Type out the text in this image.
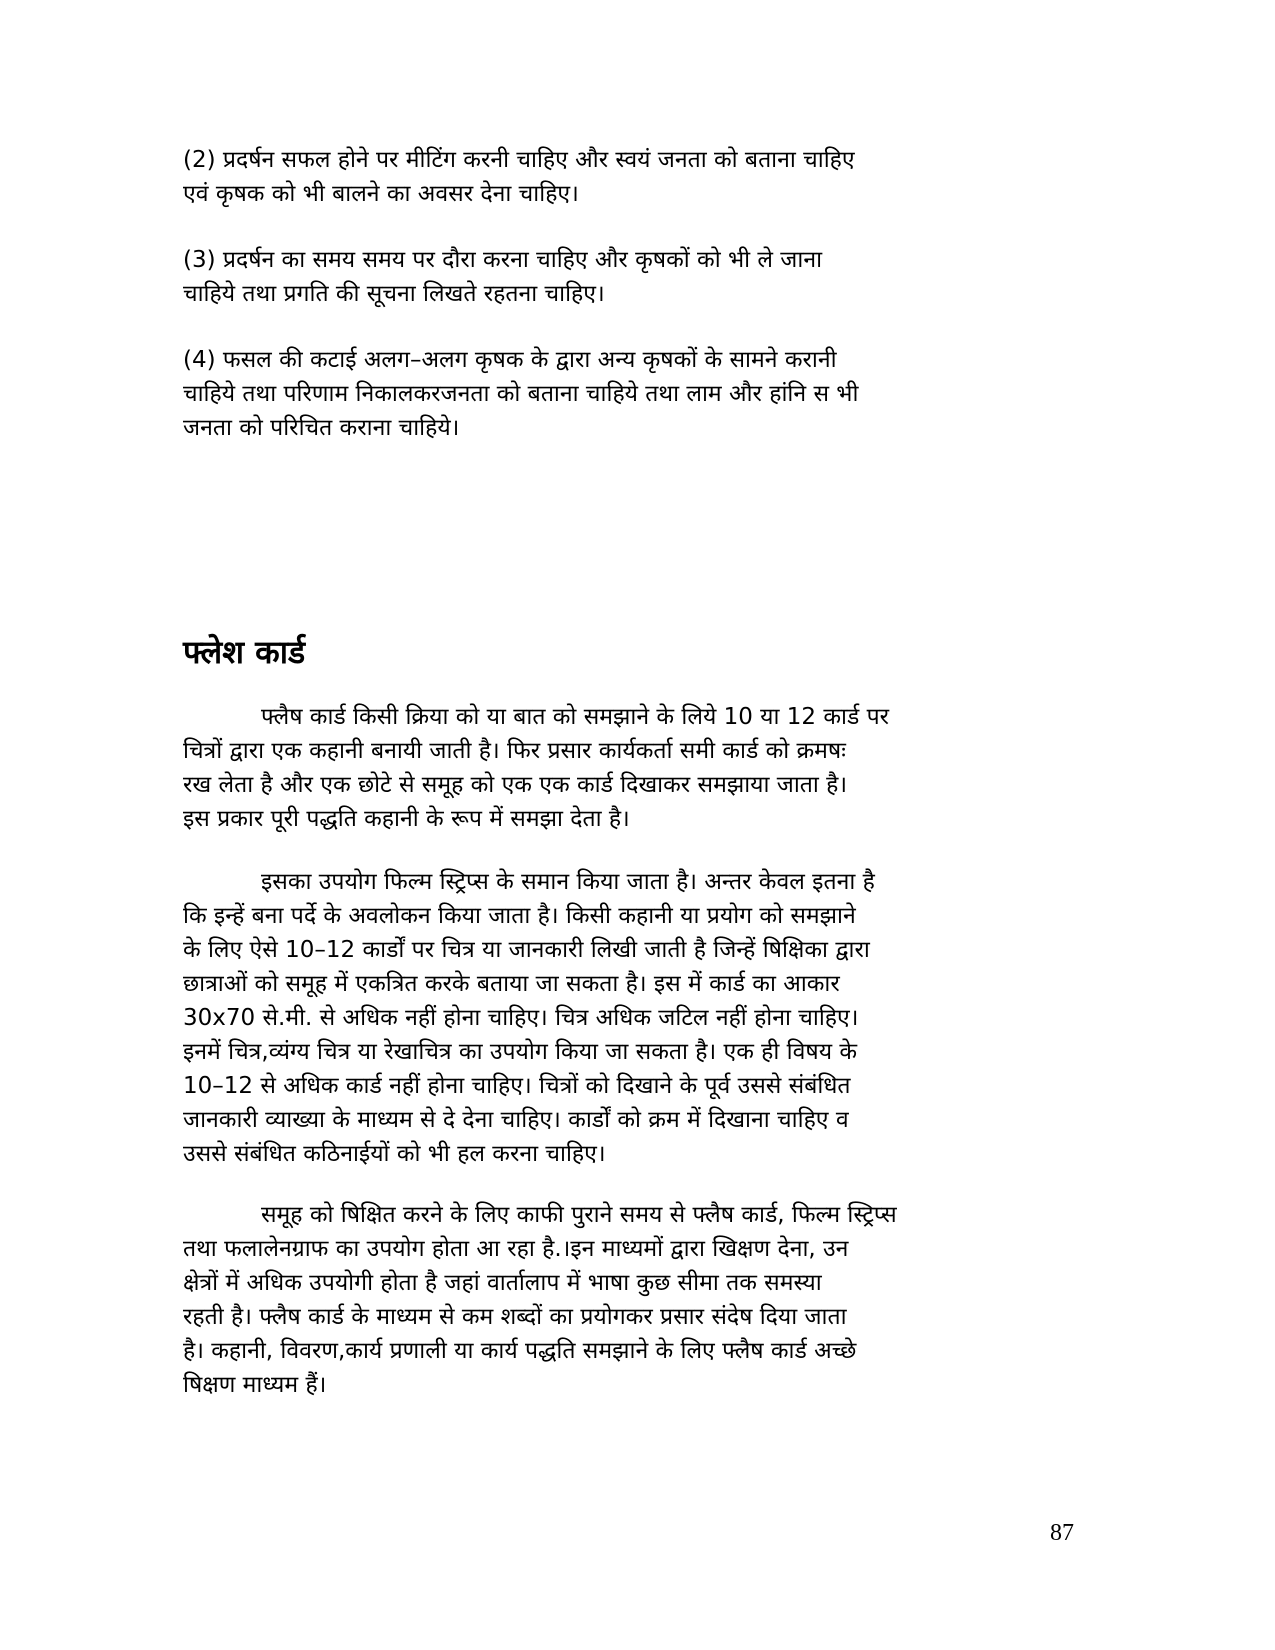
(2) प्रदर्षन सफल होने पर मीटिंग करनी चाहिए और स्वयं जनता को बताना चाहिए
एवं कृषक को भी बालने का अवसर देना चाहिए।

(3) प्रदर्षन का समय समय पर दौरा करना चाहिए और कृषकों को भी ले जाना
चाहिये तथा प्रगति की सूचना लिखते रहतना चाहिए।

(4) फसल की कटाई अलग–अलग कृषक के द्वारा अन्य कृषकों के सामने करानी
चाहिये तथा परिणाम निकालकरजनता को बताना चाहिये तथा लाम और हांनि स भी
जनता को परिचित कराना चाहिये।

फ्लेश कार्ड

फ्लैष कार्ड किसी क्रिया को या बात को समझाने के लिये 10 या 12 कार्ड पर
चित्रों द्वारा एक कहानी बनायी जाती है। फिर प्रसार कार्यकर्ता समी कार्ड को क्रमषः
रख लेता है और एक छोटे से समूह को एक एक कार्ड दिखाकर समझाया जाता है।
इस प्रकार पूरी पद्धति कहानी के रूप में समझा देता है।

इसका उपयोग फिल्म स्ट्रिप्स के समान किया जाता है। अन्तर केवल इतना है
कि इन्हें बना पर्दे के अवलोकन किया जाता है। किसी कहानी या प्रयोग को समझाने
के लिए ऐसे 10–12 कार्डों पर चित्र या जानकारी लिखी जाती है जिन्हें षिक्षिका द्वारा
छात्राओं को समूह में एकत्रित करके बताया जा सकता है। इस में कार्ड का आकार
30x70 से.मी. से अधिक नहीं होना चाहिए। चित्र अधिक जटिल नहीं होना चाहिए।
इनमें चित्र,व्यंग्य चित्र या रेखाचित्र का उपयोग किया जा सकता है। एक ही विषय के
10–12 से अधिक कार्ड नहीं होना चाहिए। चित्रों को दिखाने के पूर्व उससे संबंधित
जानकारी व्याख्या के माध्यम से दे देना चाहिए। कार्डों को क्रम में दिखाना चाहिए व
उससे संबंधित कठिनाईयों को भी हल करना चाहिए।

समूह को षिक्षित करने के लिए काफी पुराने समय से फ्लैष कार्ड, फिल्म स्ट्रिप्स
तथा फलालेनग्राफ का उपयोग होता आ रहा है.।इन माध्यमों द्वारा खिक्षण देना, उन
क्षेत्रों में अधिक उपयोगी होता है जहां वार्तालाप में भाषा कुछ सीमा तक समस्या
रहती है। फ्लैष कार्ड के माध्यम से कम शब्दों का प्रयोगकर प्रसार संदेष दिया जाता
है। कहानी, विवरण,कार्य प्रणाली या कार्य पद्धति समझाने के लिए फ्लैष कार्ड अच्छे
षिक्षण माध्यम हैं।

87
